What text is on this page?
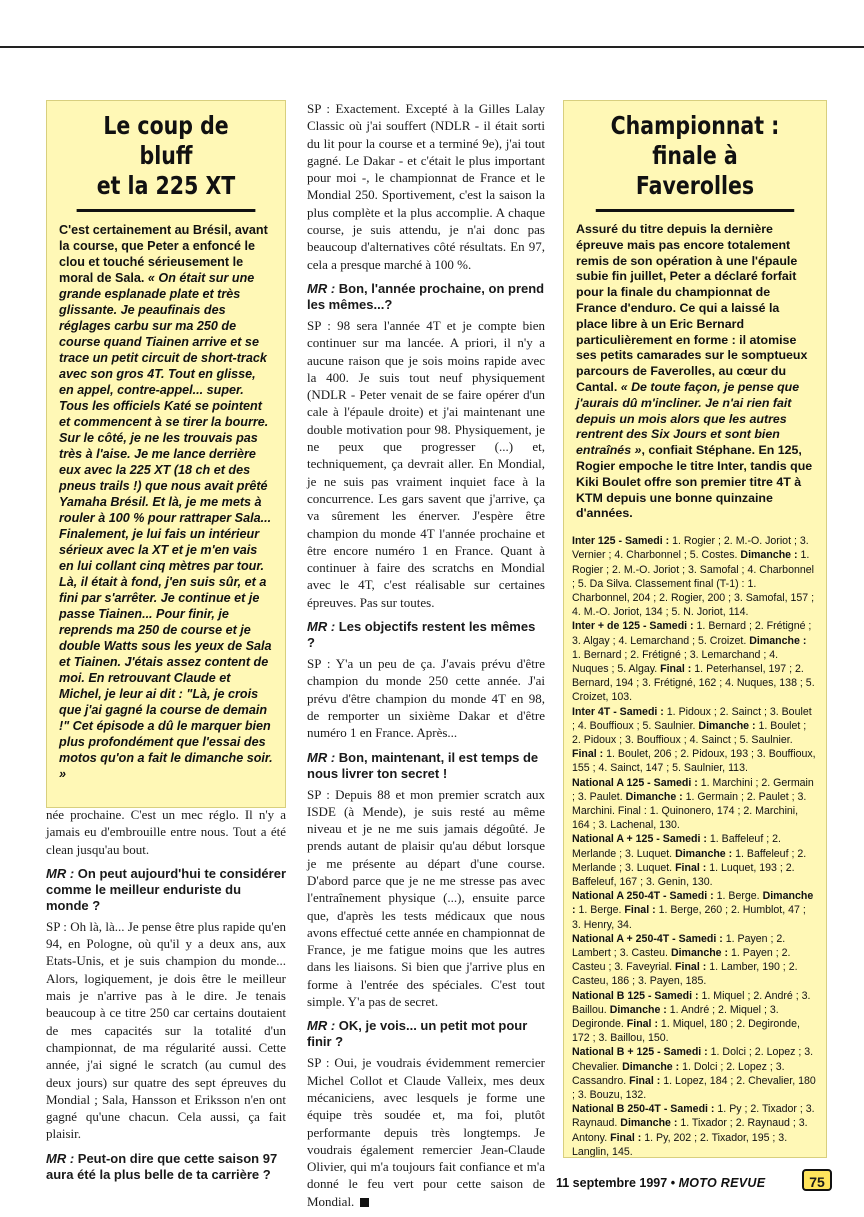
Le coup de bluff
et la 225 XT

C'est certainement au Brésil, avant la course, que Peter a enfoncé le clou et touché sérieusement le moral de Sala. « On était sur une grande esplanade plate et très glissante. Je peaufinais des réglages carbu sur ma 250 de course quand Tiainen arrive et se trace un petit circuit de short-track avec son gros 4T. Tout en glisse, en appel, contre-appel... super. Tous les officiels Katé se pointent et commencent à se tirer la bourre. Sur le côté, je ne les trouvais pas très à l'aise. Je me lance derrière eux avec la 225 XT (18 ch et des pneus trails !) que nous avait prêté Yamaha Brésil. Et là, je me mets à rouler à 100 % pour rattraper Sala... Finalement, je lui fais un intérieur sérieux avec la XT et je m'en vais en lui collant cinq mètres par tour. Là, il était à fond, j'en suis sûr, et a fini par s'arrêter. Je continue et je passe Tiainen... Pour finir, je reprends ma 250 de course et je double Watts sous les yeux de Sala et Tiainen. J'étais assez content de moi. En retrouvant Claude et Michel, je leur ai dit : "Là, je crois que j'ai gagné la course de demain !" Cet épisode a dû le marquer bien plus profondément que l'essai des motos qu'on a fait le dimanche soir. »

née prochaine. C'est un mec réglo. Il n'y a jamais eu d'embrouille entre nous. Tout a été clean jusqu'au bout.

MR : On peut aujourd'hui te considérer comme le meilleur enduriste du monde ?

SP : Oh là, là... Je pense être plus rapide qu'en 94, en Pologne, où qu'il y a deux ans, aux Etats-Unis, et je suis champion du monde... Alors, logiquement, je dois être le meilleur mais je n'arrive pas à le dire. Je tenais beaucoup à ce titre 250 car certains doutaient de mes capacités sur la totalité d'un championnat, de ma régularité aussi. Cette année, j'ai signé le scratch (au cumul des deux jours) sur quatre des sept épreuves du Mondial ; Sala, Hansson et Eriksson n'en ont gagné qu'une chacun. Cela aussi, ça fait plaisir.

MR : Peut-on dire que cette saison 97 aura été la plus belle de ta carrière ?

SP : Exactement. Excepté à la Gilles Lalay Classic où j'ai souffert (NDLR - il était sorti du lit pour la course et a terminé 9e), j'ai tout gagné. Le Dakar - et c'était le plus important pour moi -, le championnat de France et le Mondial 250. Sportivement, c'est la saison la plus complète et la plus accomplie. A chaque course, je suis attendu, je n'ai donc pas beaucoup d'alternatives côté résultats. En 97, cela a presque marché à 100 %.

MR : Bon, l'année prochaine, on prend les mêmes...?

SP : 98 sera l'année 4T et je compte bien continuer sur ma lancée. A priori, il n'y a aucune raison que je sois moins rapide avec la 400. Je suis tout neuf physiquement (NDLR - Peter venait de se faire opérer d'un cale à l'épaule droite) et j'ai maintenant une double motivation pour 98. Physiquement, je ne peux que progresser (...) et, techniquement, ça devrait aller. En Mondial, je ne suis pas vraiment inquiet face à la concurrence. Les gars savent que j'arrive, ça va sûrement les énerver. J'espère être champion du monde 4T l'année prochaine et être encore numéro 1 en France. Quant à continuer à faire des scratchs en Mondial avec le 4T, c'est réalisable sur certaines épreuves. Pas sur toutes.

MR : Les objectifs restent les mêmes ?

SP : Y'a un peu de ça. J'avais prévu d'être champion du monde 250 cette année. J'ai prévu d'être champion du monde 4T en 98, de remporter un sixième Dakar et d'être numéro 1 en France. Après...

MR : Bon, maintenant, il est temps de nous livrer ton secret !

SP : Depuis 88 et mon premier scratch aux ISDE (à Mende), je suis resté au même niveau et je ne me suis jamais dégoûté. Je prends autant de plaisir qu'au début lorsque je me présente au départ d'une course. D'abord parce que je ne me stresse pas avec l'entraînement physique (...), ensuite parce que, d'après les tests médicaux que nous avons effectué cette année en championnat de France, je me fatigue moins que les autres dans les liaisons. Si bien que j'arrive plus en forme à l'entrée des spéciales. C'est tout simple. Y'a pas de secret.

MR : OK, je vois... un petit mot pour finir ?

SP : Oui, je voudrais évidemment remercier Michel Collot et Claude Valleix, mes deux mécaniciens, avec lesquels je forme une équipe très soudée et, ma foi, plutôt performante depuis très longtemps. Je voudrais également remercier Jean-Claude Olivier, qui m'a toujours fait confiance et m'a donné le feu vert pour cette saison de Mondial.

Championnat :
finale à Faverolles

Assuré du titre depuis la dernière épreuve mais pas encore totalement remis de son opération à une l'épaule subie fin juillet, Peter a déclaré forfait pour la finale du championnat de France d'enduro. Ce qui a laissé la place libre à un Eric Bernard particulièrement en forme : il atomise ses petits camarades sur le somptueux parcours de Faverolles, au cœur du Cantal. « De toute façon, je pense que j'aurais dû m'incliner. Je n'ai rien fait depuis un mois alors que les autres rentrent des Six Jours et sont bien entraînés », confiait Stéphane. En 125, Rogier empoche le titre Inter, tandis que Kiki Boulet offre son premier titre 4T à KTM depuis une bonne quinzaine d'années.

Inter 125 - Samedi : 1. Rogier ; 2. M.-O. Joriot ; 3. Vernier ; 4. Charbonnel ; 5. Costes. Dimanche : 1. Rogier ; 2. M.-O. Joriot ; 3. Samofal ; 4. Charbonnel ; 5. Da Silva. Classement final (T-1) : 1. Charbonnel, 204 ; 2. Rogier, 200 ; 3. Samofal, 157 ; 4. M.-O. Joriot, 134 ; 5. N. Joriot, 114.

Inter + de 125 - Samedi : 1. Bernard ; 2. Frétigné ; 3. Algay ; 4. Lemarchand ; 5. Croizet. Dimanche : 1. Bernard ; 2. Frétigné ; 3. Lemarchand ; 4. Nuques ; 5. Algay. Final : 1. Peterhansel, 197 ; 2. Bernard, 194 ; 3. Frétigné, 162 ; 4. Nuques, 138 ; 5. Croizet, 103.

Inter 4T - Samedi : 1. Pidoux ; 2. Sainct ; 3. Boulet ; 4. Bouffioux ; 5. Saulnier. Dimanche : 1. Boulet ; 2. Pidoux ; 3. Bouffioux ; 4. Sainct ; 5. Saulnier. Final : 1. Boulet, 206 ; 2. Pidoux, 193 ; 3. Bouffioux, 155 ; 4. Sainct, 147 ; 5. Saulnier, 113.

National A 125 - Samedi : 1. Marchini ; 2. Germain ; 3. Paulet. Dimanche : 1. Germain ; 2. Paulet ; 3. Marchini. Final : 1. Quinonero, 174 ; 2. Marchini, 164 ; 3. Lachenal, 130.

National A + 125 - Samedi : 1. Baffeleuf ; 2. Merlande ; 3. Luquet. Dimanche : 1. Baffeleuf ; 2. Merlande ; 3. Luquet. Final : 1. Luquet, 193 ; 2. Baffeleuf, 167 ; 3. Genin, 130.

National A 250-4T - Samedi : 1. Berge. Dimanche : 1. Berge. Final : 1. Berge, 260 ; 2. Humblot, 47 ; 3. Henry, 34.

National A + 250-4T - Samedi : 1. Payen ; 2. Lambert ; 3. Casteu. Dimanche : 1. Payen ; 2. Casteu ; 3. Faveyrial. Final : 1. Lamber, 190 ; 2. Casteu, 186 ; 3. Payen, 185.

National B 125 - Samedi : 1. Miquel ; 2. André ; 3. Baillou. Dimanche : 1. André ; 2. Miquel ; 3. Degironde. Final : 1. Miquel, 180 ; 2. Degironde, 172 ; 3. Baillou, 150.

National B + 125 - Samedi : 1. Dolci ; 2. Lopez ; 3. Chevalier. Dimanche : 1. Dolci ; 2. Lopez ; 3. Cassandro. Final : 1. Lopez, 184 ; 2. Chevalier, 180 ; 3. Bouzu, 132.

National B 250-4T - Samedi : 1. Py ; 2. Tixador ; 3. Raynaud. Dimanche : 1. Tixador ; 2. Raynaud ; 3. Antony. Final : 1. Py, 202 ; 2. Tixador, 195 ; 3. Langlin, 145.

11 septembre 1997 • MOTO REVUE	75
